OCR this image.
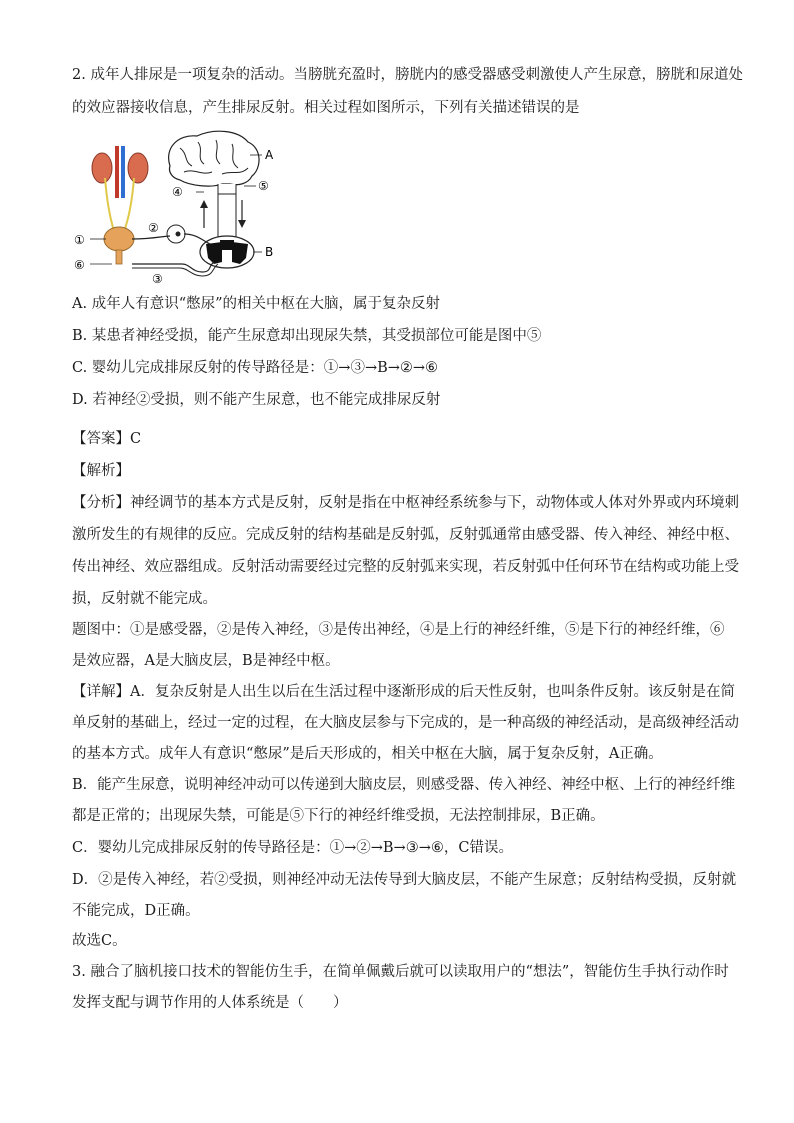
2. 成年人排尿是一项复杂的活动。当膀胱充盈时，膀胱内的感受器感受刺激使人产生尿意，膀胱和尿道处
的效应器接收信息，产生排尿反射。相关过程如图所示，下列有关描述错误的是
A
B
①
②
③
④	⑤
⑥
A. 成年人有意识“憋尿”的相关中枢在大脑，属于复杂反射
B. 某患者神经受损，能产生尿意却出现尿失禁，其受损部位可能是图中⑤
C. 婴幼儿完成排尿反射的传导路径是：①→③→B→②→⑥
D. 若神经②受损，则不能产生尿意，也不能完成排尿反射
【答案】C
【解析】
【分析】神经调节的基本方式是反射，反射是指在中枢神经系统参与下，动物体或人体对外界或内环境刺
激所发生的有规律的反应。完成反射的结构基础是反射弧，反射弧通常由感受器、传入神经、神经中枢、
传出神经、效应器组成。反射活动需要经过完整的反射弧来实现，若反射弧中任何环节在结构或功能上受
损，反射就不能完成。
题图中：①是感受器，②是传入神经，③是传出神经，④是上行的神经纤维，⑤是下行的神经纤维，⑥
是效应器，A是大脑皮层，B是神经中枢。
【详解】A．复杂反射是人出生以后在生活过程中逐渐形成的后天性反射，也叫条件反射。该反射是在简
单反射的基础上，经过一定的过程，在大脑皮层参与下完成的，是一种高级的神经活动，是高级神经活动
的基本方式。成年人有意识“憋尿”是后天形成的，相关中枢在大脑，属于复杂反射，A正确。
B．能产生尿意，说明神经冲动可以传递到大脑皮层，则感受器、传入神经、神经中枢、上行的神经纤维
都是正常的；出现尿失禁，可能是⑤下行的神经纤维受损，无法控制排尿，B正确。
C．婴幼儿完成排尿反射的传导路径是：①→②→B→③→⑥，C错误。
D．②是传入神经，若②受损，则神经冲动无法传导到大脑皮层，不能产生尿意；反射结构受损，反射就
不能完成，D正确。
故选C。
3. 融合了脑机接口技术的智能仿生手，在简单佩戴后就可以读取用户的“想法”，智能仿生手执行动作时
发挥支配与调节作用的人体系统是（　　）
